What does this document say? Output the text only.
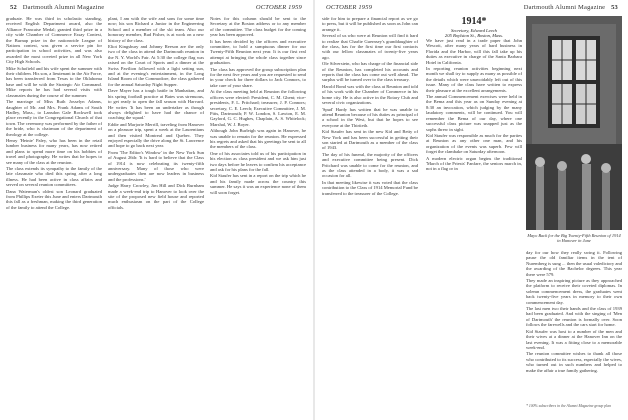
52 Dartmouth Alumni Magazine	OCTOBER 1959	OCTOBER 1959	Dartmouth Alumni Magazine 53

graduate. He was third in scholastic standing, received English Department award, also the Alliance Francaise Medal; granted third prize in a city wide Chamber of Commerce Essay Contest, the Burnap prize in the nationwide League of Nations contest, was given a service pin for participation in school activities, and was also awarded the most coveted prize in all New York City High Schools.

Mike Schofield and his wife spent the summer with their children. His son, a lieutenant in the Air Force, has been transferred from Texas to the Oklahoma base and will be with the Strategic Air Command. Mike reports he has had several visits with classmates during the course of the summer.

The marriage of Miss Ruth Josselyn Adams, daughter of Mr. and Mrs. Frank Adams of South Hadley, Mass., to Lansdon Gale Rockwell took place recently in the Congregational Church of that town. The ceremony was performed by the father of the bride, who is chairman of the department of theology at the college.

Henry 'Heinie' Paley, who has been in the retail lumber business for many years, has now retired and plans to spend more time on his hobbies of travel and photography. He writes that he hopes to see many of the class at the reunion.

The class extends its sympathy to the family of the late classmate who died this spring after a long illness. He had been active in class affairs and served on several reunion committees.

Dana Waterman's oldest son Leonard graduated from Phillips Exeter this June and enters Dartmouth this fall as a freshman, making the third generation of the family to attend the College.

plant, I am with the wife and sons for some time now; his son Richard a Junior in the Engineering School and a member of the ski team. Also our honorary member, Bud Fisher, is at work on a new history of the class.

Eliot Kingsbury and Johnny Reeson are the only two of the class in attend the Dartmouth reunion in the N. Y. World's Fair. At 5:30 the college flag was raised on the Court of Sports and a dinner at the Swiss Pavilion followed with a light setting sun, and at the evening's entertainment, in the Long Island Room of the Commodore, the class gathered for the annual Saturday Night Supper.

Dave Mayer has a tough battle in Manhattan, and his spring football practice at Bates was strenuous, to get ready to open the fall season with Harvard. He writes 'It has been an undertaker as though always delighted to have had the chance of coaching the squad.'

Eddie and Marjorie Merrill, traveling from Hanover on a pleasure trip, spent a week at the Laurentians and then visited Montreal and Quebec. They enjoyed especially the drive along the St. Lawrence and hope to go back next year.

From 'The Editor's Window' in the New York Sun of August 26th: 'It is hard to believe that the Class of 1914 is now celebrating its twenty-fifth anniversary. Many of those who were undergraduates then are now leaders in business and the professions.'

Judge Harry Crowley, Jim Hill and Dick Burnham made a week-end trip to Hanover to look over the site of the proposed new field house and reported much enthusiasm on the part of the College officials.

Notes for this column should be sent to the Secretary at the Boston address or to any member of the committee. The class budget for the coming year has been approved.

It has been decided by the officers and executive committee, to hold a sumptuous dinner for our Twenty-Fifth Reunion next year. It is our first real attempt at bringing the whole class together since graduation.

The class has approved the group subscription plan for the next five years and you are requested to send in your check for three dollars to Jack Connors, to take care of your share.

At the class meeting held at Reunion the following officers were elected: President, C. M. Ghent; vice-presidents, F. L. Pritchard; treasurer, J. P. Connors; secretary, C. E. Leech; Executive Committee, J. M. Pitts, Dartmouth; P. W. London, S. Lawton, E. M. Gaylord, G. C. Hughes, Chaplain, A. S. Whitelock; Marshal, W. J. Boyer.

Although John Burleigh was again in Hanover, he was unable to remain for the reunion. He expressed his regrets and asked that his greetings be sent to all the members of the class.

One of his associates told us of his participation in his election as class president and we ask him just two days before he leaves to confirm his acceptance and ask for his plans for the fall.

Kid Staufer has sent in a report on the trip which he and his family made across the country this summer. He says it was an experience none of them will soon forget.

1914*
Secretary, Edward Leech
205 Boylston St., Boston, Mass.

side for him to prepare a financial report as we go to press, but it will be published as soon as John can arrange it.

Several of us who were at Reunion will find it hard to realize that Charlie Guernsey's granddaughter of the class, has for the first time our first contacts with our fellow classmates of twenty-five years ago.

Ole Silverstein, who has charge of the financial side of the Reunion, has completed his accounts and reports that the class has come out well ahead. The surplus will be turned over to the class treasury.

Harold Bond was with the class at Reunion and told of his work with the Chamber of Commerce in his home city. He is also active in the Rotary Club and several civic organizations.

'Spud' Hardy has written that he was unable to attend Reunion because of his duties as principal of a school in the West, but that he hopes to see everyone at the Thirtieth.

Kid Staufer has sent in the new Kid and Betty of New York and has been successful in getting their son started at Dartmouth as a member of the class of 1943.

The day of his funeral, the majority of the officers and executive committee being present. Dick Pritchard was unable to come for the reunion, and as the class attended in a body, it was a sad occasion for all.

In that meeting likewise it was voted that the class contribution to the Class of 1914 Memorial Fund be transferred to the treasurer of the College.

We have just read in a trade paper that John Wescott, after many years of hard business in Florida and the Harbor, will this fall take up his duties as executive in charge of the Santa Barbara Hotel in California.

In reporting reunion activities beginning next month we shall try to supply as many as possible of the details which were unavoidably left out of this issue. Many of the class have written to express their pleasure at the excellent arrangements.

The annual Commencement exercises were held in the Bema and this year as on Sunday evening at 8:30 an invocation, which judging by the many laudatory comments, will be continued. You will remember the Bema of our day, where one successful class picture was snapped just as the sophs threw in sight.

Kid Staufer was responsible as much for the parties at Reunion as any other one man, and his organization of the events was superb. Few will forget the clambake on Saturday afternoon.

A modern electric organ begins the traditional 'March of the Priests' Fanfare, the seniors march in, not in a flag or in

Mayo Back for the Big Twenty-Fifth Reunion of 1914 in Hanover in June

day for our how they really swing it. Following pause the old familiar items in the tent of Nuremberg is sung ... then the usual valedictory and the awarding of the Bachelor degrees. This year there were 579.

They made an inspiring picture as they approached the platform to receive their coveted diplomas. In solemn commencement dress, the graduates went back twenty-five years in memory to their own commencement day.

The last men two their hands and the class of 1939 had been graduated. And with the singing of 'Men of Dartmouth' the reunion is formally over. Soon follows the farewells and the cars start for home.

Kid Staufer was host to a number of the men and their wives at a dinner at the Hanover Inn on the last evening. It was a fitting close to a memorable week-end.

The reunion committee wishes to thank all those who contributed to its success, especially the wives, who turned out in such numbers and helped to make the affair a true family gathering.

* 100% subscribers in the Alumni Magazine group plan
